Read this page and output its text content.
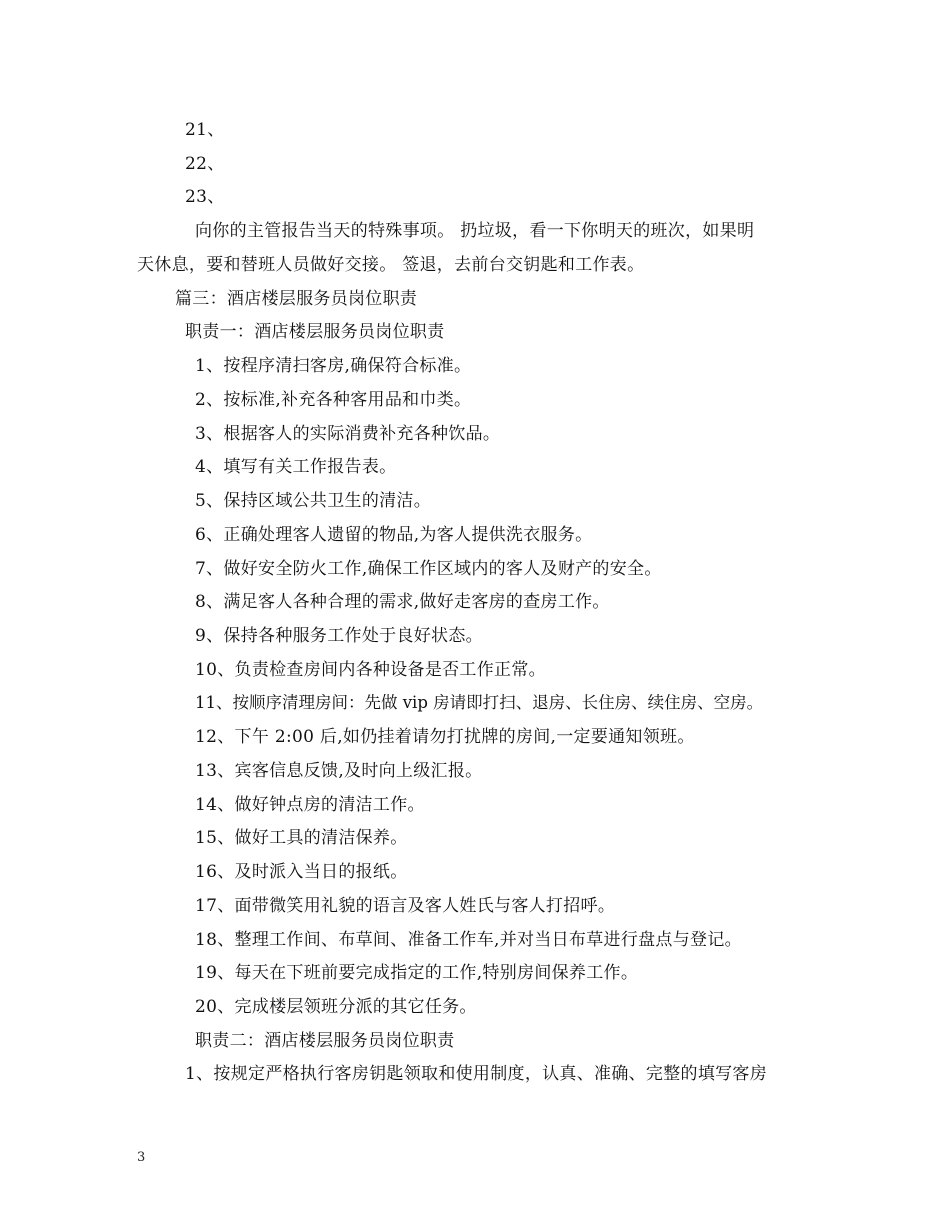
21、
22、
23、
向你的主管报告当天的特殊事项。 扔垃圾，看一下你明天的班次，如果明
天休息，要和替班人员做好交接。 签退，去前台交钥匙和工作表。
篇三：酒店楼层服务员岗位职责
职责一：酒店楼层服务员岗位职责
1、按程序清扫客房,确保符合标准。
2、按标准,补充各种客用品和巾类。
3、根据客人的实际消费补充各种饮品。
4、填写有关工作报告表。
5、保持区域公共卫生的清洁。
6、正确处理客人遗留的物品,为客人提供洗衣服务。
7、做好安全防火工作,确保工作区域内的客人及财产的安全。
8、满足客人各种合理的需求,做好走客房的查房工作。
9、保持各种服务工作处于良好状态。
10、负责检查房间内各种设备是否工作正常。
11、按顺序清理房间：先做 vip 房请即打扫、退房、长住房、续住房、空房。
12、下午 2:00 后,如仍挂着请勿打扰牌的房间,一定要通知领班。
13、宾客信息反馈,及时向上级汇报。
14、做好钟点房的清洁工作。
15、做好工具的清洁保养。
16、及时派入当日的报纸。
17、面带微笑用礼貌的语言及客人姓氏与客人打招呼。
18、整理工作间、布草间、准备工作车,并对当日布草进行盘点与登记。
19、每天在下班前要完成指定的工作,特别房间保养工作。
20、完成楼层领班分派的其它任务。
职责二：酒店楼层服务员岗位职责
1、按规定严格执行客房钥匙领取和使用制度，认真、准确、完整的填写客房
3
